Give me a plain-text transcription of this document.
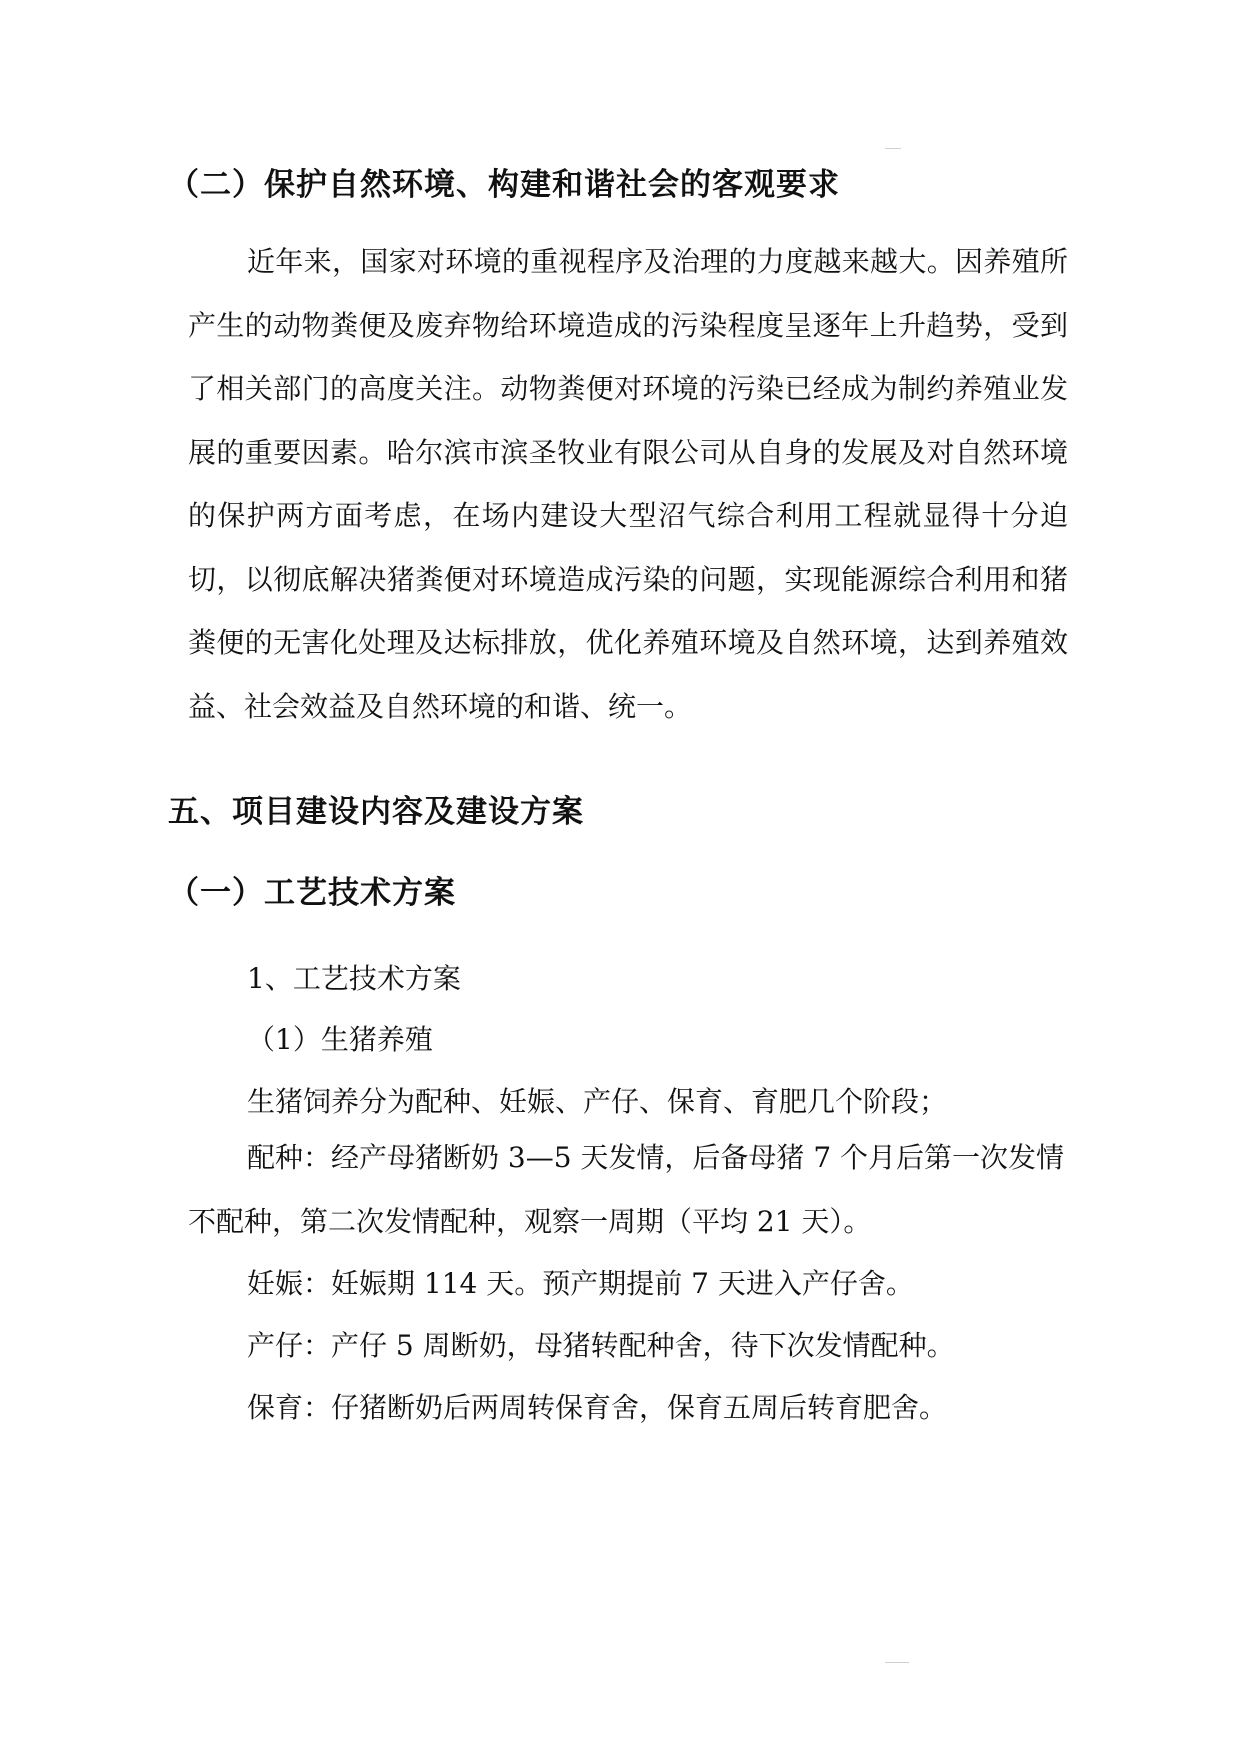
（二）保护自然环境、构建和谐社会的客观要求

近年来，国家对环境的重视程序及治理的力度越来越大。因养殖所产生的动物粪便及废弃物给环境造成的污染程度呈逐年上升趋势，受到了相关部门的高度关注。动物粪便对环境的污染已经成为制约养殖业发展的重要因素。哈尔滨市滨圣牧业有限公司从自身的发展及对自然环境的保护两方面考虑，在场内建设大型沼气综合利用工程就显得十分迫切，以彻底解决猪粪便对环境造成污染的问题，实现能源综合利用和猪粪便的无害化处理及达标排放，优化养殖环境及自然环境，达到养殖效益、社会效益及自然环境的和谐、统一。

五、项目建设内容及建设方案
（一）工艺技术方案

1、工艺技术方案

（1）生猪养殖

生猪饲养分为配种、妊娠、产仔、保育、育肥几个阶段；

配种：经产母猪断奶 3—5 天发情，后备母猪 7 个月后第一次发情不配种，第二次发情配种，观察一周期（平均 21 天）。

妊娠：妊娠期 114 天。预产期提前 7 天进入产仔舍。

产仔：产仔 5 周断奶，母猪转配种舍，待下次发情配种。

保育：仔猪断奶后两周转保育舍，保育五周后转育肥舍。
